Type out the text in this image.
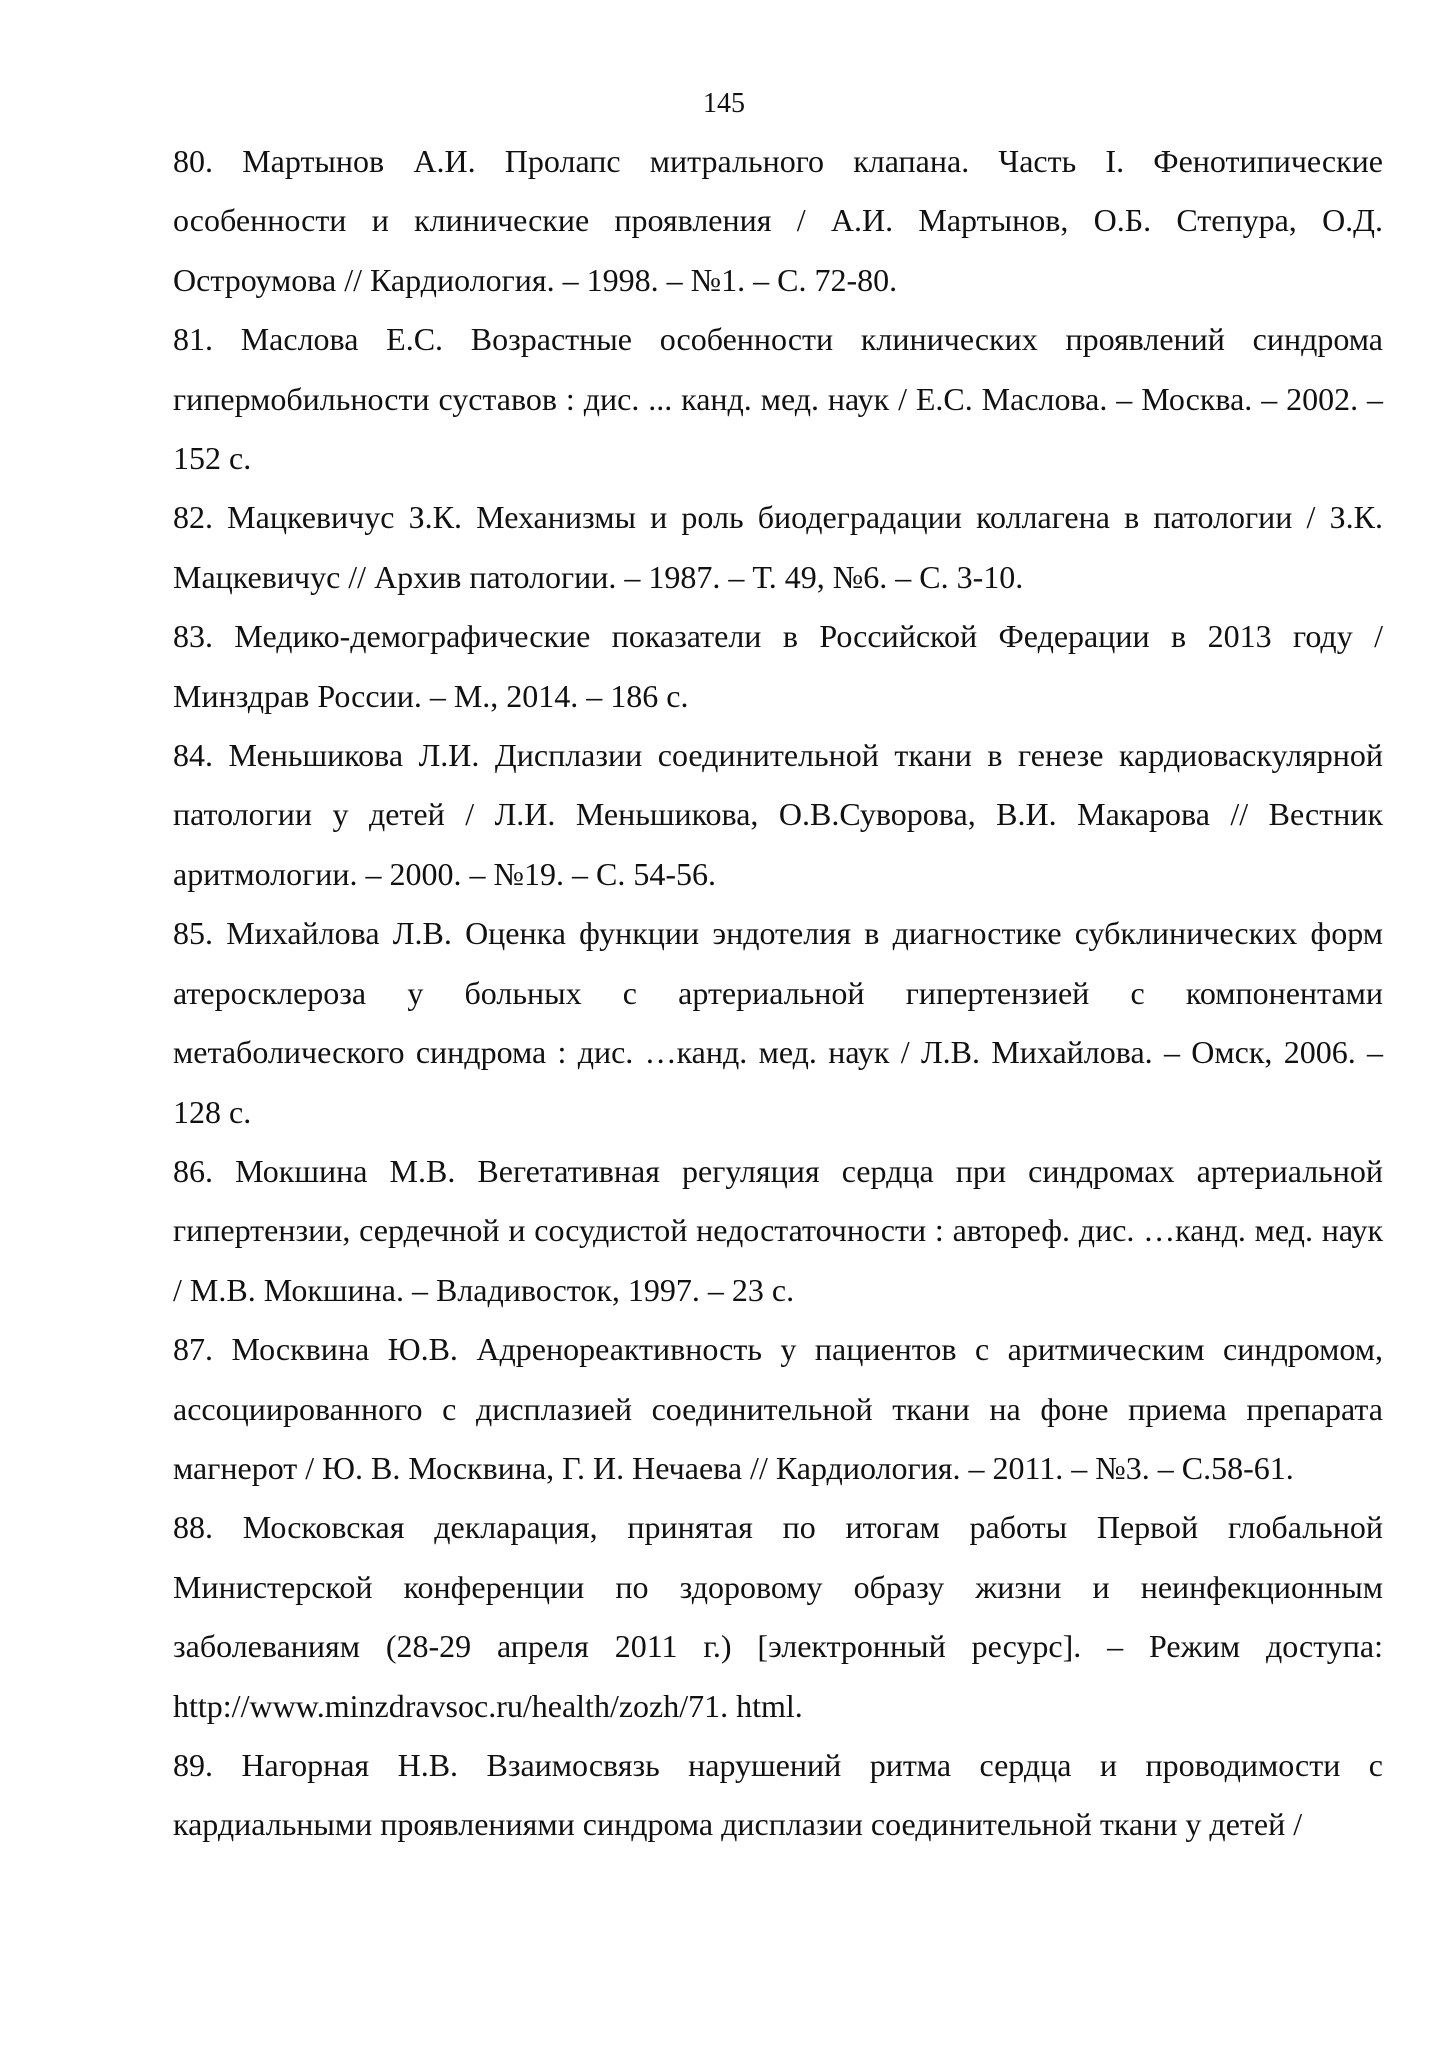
145

80. Мартынов А.И. Пролапс митрального клапана. Часть I. Фенотипические особенности и клинические проявления / А.И. Мартынов, О.Б. Степура, О.Д. Остроумова // Кардиология. – 1998. – №1. – С. 72-80.

81. Маслова Е.С. Возрастные особенности клинических проявлений синдрома гипермобильности суставов : дис. ... канд. мед. наук / Е.С. Маслова. – Москва. – 2002. – 152 с.

82. Мацкевичус З.К. Механизмы и роль биодеградации коллагена в патологии / З.К. Мацкевичус // Архив патологии. – 1987. – Т. 49, №6. – С. 3-10.

83. Медико-демографические показатели в Российской Федерации в 2013 году / Минздрав России. – М., 2014. – 186 с.

84. Меньшикова Л.И. Дисплазии соединительной ткани в генезе кардиоваскулярной патологии у детей / Л.И. Меньшикова, О.В.Суворова, В.И. Макарова // Вестник аритмологии. – 2000. – №19. – С. 54-56.

85. Михайлова Л.В. Оценка функции эндотелия в диагностике субклинических форм атеросклероза у больных с артериальной гипертензией с компонентами метаболического синдрома : дис. …канд. мед. наук / Л.В. Михайлова. – Омск, 2006. – 128 с.

86. Мокшина М.В. Вегетативная регуляция сердца при синдромах артериальной гипертензии, сердечной и сосудистой недостаточности : автореф. дис. …канд. мед. наук / М.В. Мокшина. – Владивосток, 1997. – 23 с.

87. Москвина Ю.В. Адренореактивность у пациентов с аритмическим синдромом, ассоциированного с дисплазией соединительной ткани на фоне приема препарата магнерот / Ю. В. Москвина, Г. И. Нечаева // Кардиология. – 2011. – №3. – С.58-61.

88. Московская декларация, принятая по итогам работы Первой глобальной Министерской конференции по здоровому образу жизни и неинфекционным заболеваниям (28-29 апреля 2011 г.) [электронный ресурс]. – Режим доступа: http://www.minzdravsoc.ru/health/zozh/71. html.

89. Нагорная Н.В. Взаимосвязь нарушений ритма сердца и проводимости с кардиальными проявлениями синдрома дисплазии соединительной ткани у детей /
